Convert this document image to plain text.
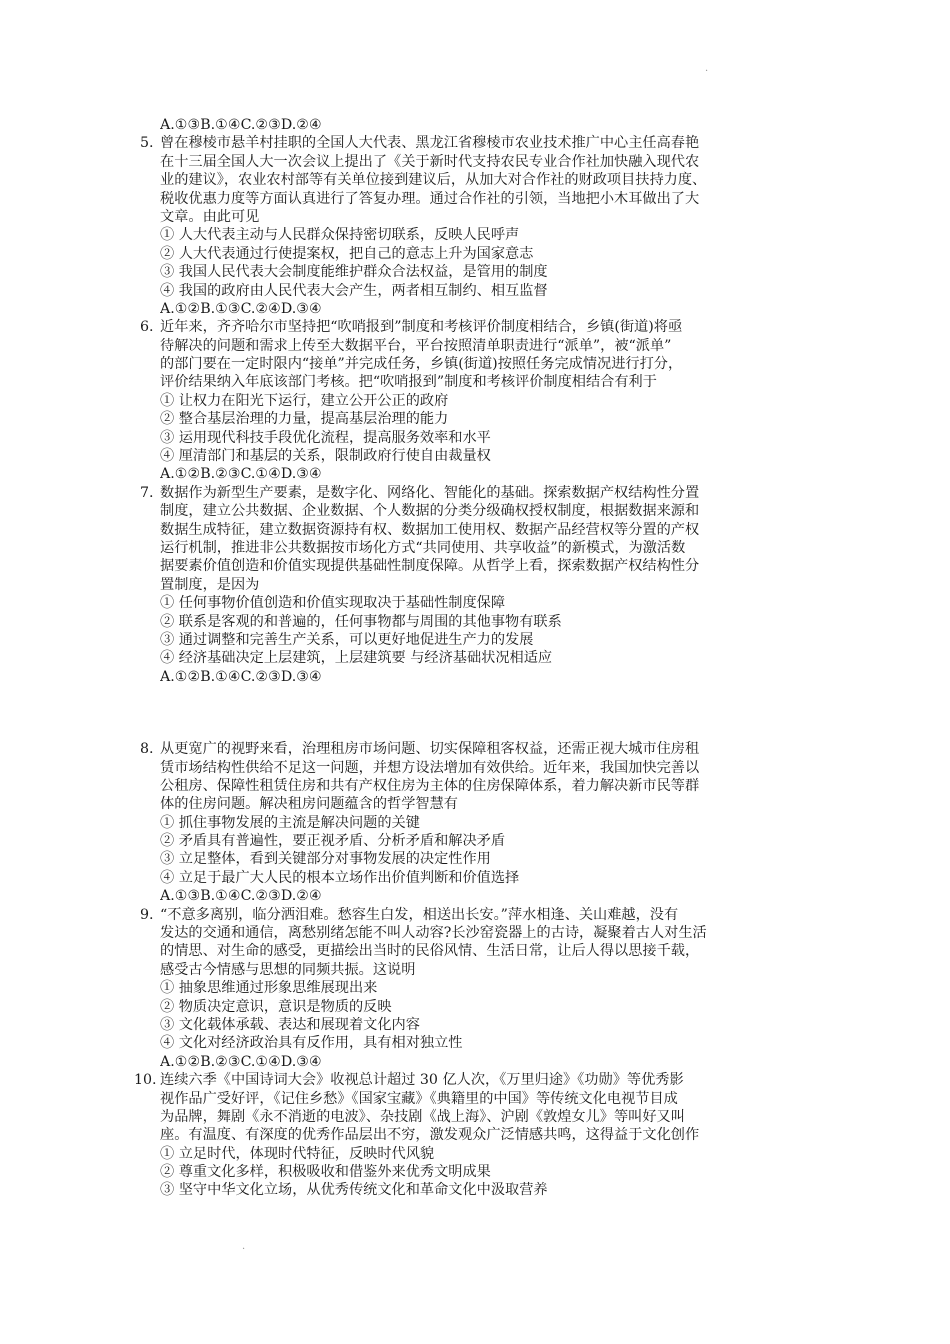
·
A.①③B.①④C.②③D.②④
5. 曾在穆棱市悬羊村挂职的全国人大代表、黑龙江省穆棱市农业技术推广中心主任高春艳
在十三届全国人大一次会议上提出了《关于新时代支持农民专业合作社加快融入现代农
业的建议》，农业农村部等有关单位接到建议后，从加大对合作社的财政项目扶持力度、
税收优惠力度等方面认真进行了答复办理。通过合作社的引领，当地把小木耳做出了大
文章。由此可见
① 人大代表主动与人民群众保持密切联系，反映人民呼声
② 人大代表通过行使提案权，把自己的意志上升为国家意志
③ 我国人民代表大会制度能维护群众合法权益，是管用的制度
④ 我国的政府由人民代表大会产生，两者相互制约、相互监督
A.①②B.①③C.②④D.③④
6. 近年来，齐齐哈尔市坚持把“吹哨报到”制度和考核评价制度相结合，乡镇(街道)将亟
待解决的问题和需求上传至大数据平台，平台按照清单职责进行“派单”，被“派单”
的部门要在一定时限内“接单”并完成任务，乡镇(街道)按照任务完成情况进行打分，
评价结果纳入年底该部门考核。把“吹哨报到”制度和考核评价制度相结合有利于
① 让权力在阳光下运行，建立公开公正的政府
② 整合基层治理的力量，提高基层治理的能力
③ 运用现代科技手段优化流程，提高服务效率和水平
④ 厘清部门和基层的关系，限制政府行使自由裁量权
A.①②B.②③C.①④D.③④
7. 数据作为新型生产要素，是数字化、网络化、智能化的基础。探索数据产权结构性分置
制度，建立公共数据、企业数据、个人数据的分类分级确权授权制度，根据数据来源和
数据生成特征，建立数据资源持有权、数据加工使用权、数据产品经营权等分置的产权
运行机制，推进非公共数据按市场化方式“共同使用、共享收益”的新模式，为激活数
据要素价值创造和价值实现提供基础性制度保障。从哲学上看，探索数据产权结构性分
置制度，是因为
① 任何事物价值创造和价值实现取决于基础性制度保障
② 联系是客观的和普遍的，任何事物都与周围的其他事物有联系
③ 通过调整和完善生产关系，可以更好地促进生产力的发展
④ 经济基础决定上层建筑，上层建筑要 与经济基础状况相适应
A.①②B.①④C.②③D.③④
8. 从更宽广的视野来看，治理租房市场问题、切实保障租客权益，还需正视大城市住房租
赁市场结构性供给不足这一问题，并想方设法增加有效供给。近年来，我国加快完善以
公租房、保障性租赁住房和共有产权住房为主体的住房保障体系，着力解决新市民等群
体的住房问题。解决租房问题蕴含的哲学智慧有
① 抓住事物发展的主流是解决问题的关键
② 矛盾具有普遍性，要正视矛盾、分析矛盾和解决矛盾
③ 立足整体，看到关键部分对事物发展的决定性作用
④ 立足于最广大人民的根本立场作出价值判断和价值选择
A.①③B.①④C.②③D.②④
9. “不意多离别，临分洒泪难。愁容生白发，相送出长安。”萍水相逢、关山难越，没有
发达的交通和通信，离愁别绪怎能不叫人动容?长沙窑瓷器上的古诗，凝聚着古人对生活
的情思、对生命的感受，更描绘出当时的民俗风情、生活日常，让后人得以思接千载，
感受古今情感与思想的同频共振。这说明
① 抽象思维通过形象思维展现出来
② 物质决定意识，意识是物质的反映
③ 文化载体承载、表达和展现着文化内容
④ 文化对经济政治具有反作用，具有相对独立性
A.①②B.②③C.①④D.③④
10. 连续六季《中国诗词大会》收视总计超过 30 亿人次，《万里归途》《功勋》等优秀影
视作品广受好评，《记住乡愁》《国家宝藏》《典籍里的中国》等传统文化电视节目成
为品牌，舞剧《永不消逝的电波》、杂技剧《战上海》、沪剧《敦煌女儿》等叫好又叫
座。有温度、有深度的优秀作品层出不穷，激发观众广泛情感共鸣，这得益于文化创作
① 立足时代，体现时代特征，反映时代风貌
② 尊重文化多样，积极吸收和借鉴外来优秀文明成果
③ 坚守中华文化立场，从优秀传统文化和革命文化中汲取营养
·
